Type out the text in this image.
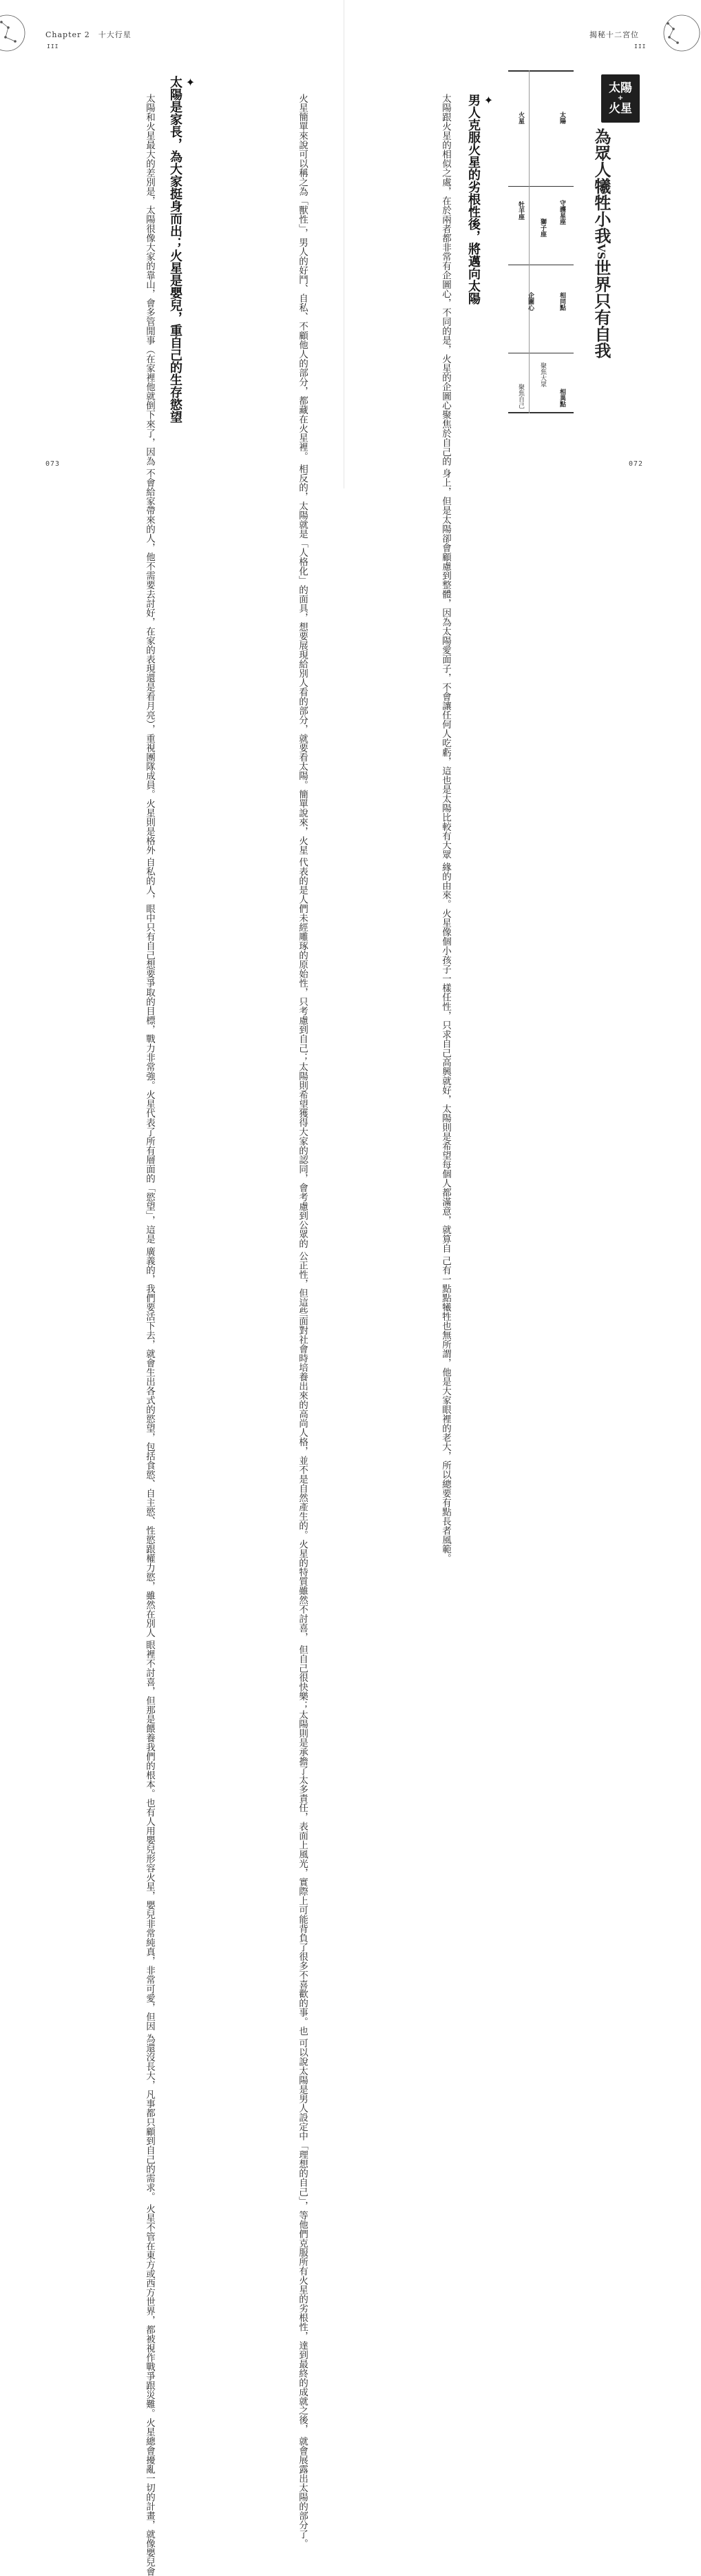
Chapter 2　十大行星
III
揭秘十二宮位
III
太陽
+
火星
為眾人犧牲小我VS世界只有自我
太陽
火星
守護星座
獅子座
牡羊座
相同點
企圖心
相異點
聚焦大眾
聚焦自己
✦
男人克服火星的劣根性後，將邁向太陽
太陽跟火星的相似之處，在於兩者都非常有企圖心，不同的是，火星的企圖心聚焦於自己的 身上，但是太陽卻會顧慮到整體，因為太陽愛面子，不會讓任何人吃虧，這也是太陽比較有大眾 緣的由來。火星像個小孩子一樣任性，只求自己高興就好，太陽則是希望每個人都滿意，就算自 己有一點點犧牲也無所謂，他是大家眼裡的老大，所以總要有點長者風範。
火星簡單來說可以稱之為「獸性」，男人的好鬥、自私、不顧他人的部分，都藏在火星裡。 相反的，太陽就是「人格化」的面具，想要展現給別人看的部分，就要看太陽。簡單說來，火星 代表的是人們未經雕琢的原始性，只考慮到自己；太陽則希望獲得大家的認同，會考慮到公眾的 公正性，但這些面對社會時培養出來的高尚人格，並不是自然產生的。火星的特質雖然不討喜， 但自己很快樂；太陽則是承擔了太多責任，表面上風光，實際上可能背負了很多不喜歡的事。也 可以說太陽是男人設定中「理想的自己」，等他們克服所有火星的劣根性，達到最終的成就之後， 就會展露出太陽的部分了。
✦
太陽是家長，為大家挺身而出；火星是嬰兒，重自己的生存慾望
太陽和火星最大的差別是，太陽很像大家的靠山，會多管閒事（在家裡他就倒下來了，因為 不會給家帶來的人，他不需要去討好，在家的表現還是看月亮），重視團隊成員。火星則是格外 自私的人，眼中只有自己想要爭取的目標，戰力非常強。火星代表了所有層面的「慾望」，這是 廣義的，我們要活下去，就會生出各式的慾望，包括食慾、自主慾、性慾跟權力慾，雖然在別人 眼裡不討喜，但那是餵養我們的根本。也有人用嬰兒形容火星，嬰兒非常純真，非常可愛，但因 為還沒長大，凡事都只顧到自己的需求。 火星不管在東方或西方世界，都被視作戰爭跟災難。火星總會擾亂一切的計畫，就像嬰兒會
073	072
